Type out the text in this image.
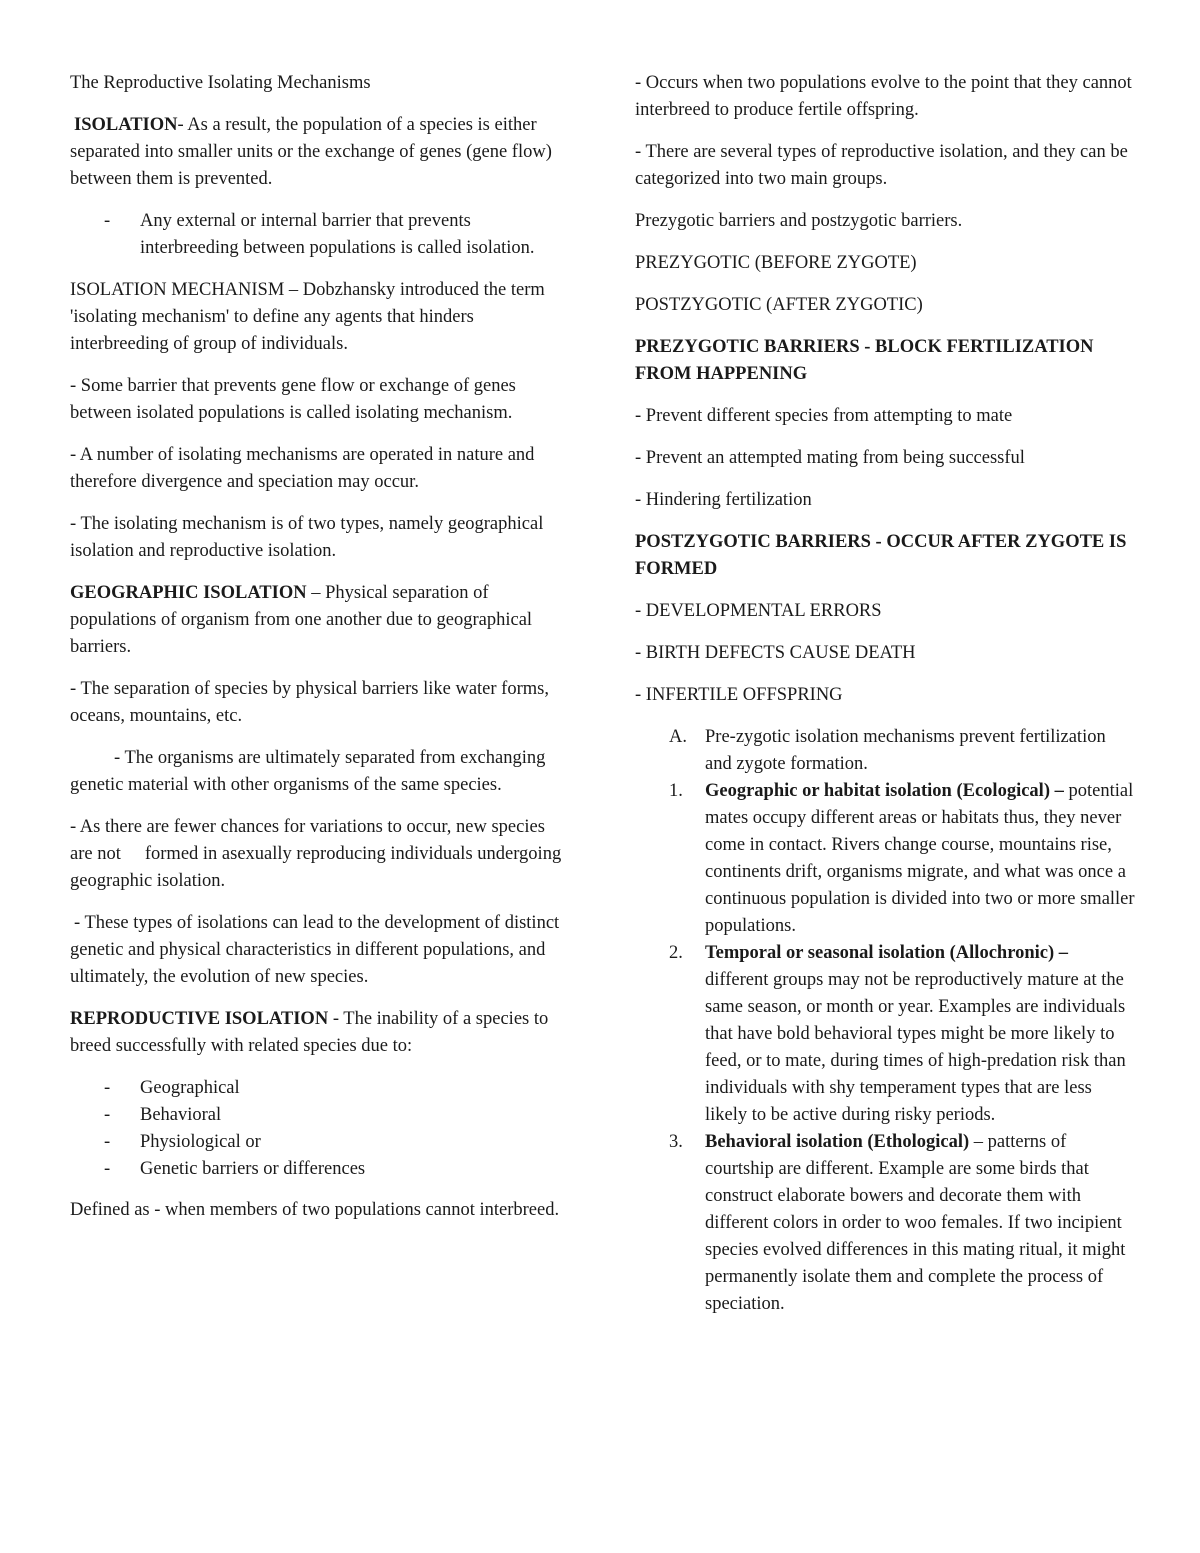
The Reproductive Isolating Mechanisms

ISOLATION- As a result, the population of a species is either separated into smaller units or the exchange of genes (gene flow) between them is prevented.

- Any external or internal barrier that prevents interbreeding between populations is called isolation.

ISOLATION MECHANISM – Dobzhansky introduced the term 'isolating mechanism' to define any agents that hinders interbreeding of group of individuals.

- Some barrier that prevents gene flow or exchange of genes between isolated populations is called isolating mechanism.

- A number of isolating mechanisms are operated in nature and therefore divergence and speciation may occur.

- The isolating mechanism is of two types, namely geographical isolation and reproductive isolation.

GEOGRAPHIC ISOLATION – Physical separation of populations of organism from one another due to geographical barriers.

- The separation of species by physical barriers like water forms, oceans, mountains, etc.

- The organisms are ultimately separated from exchanging genetic material with other organisms of the same species.

- As there are fewer chances for variations to occur, new species are not formed in asexually reproducing individuals undergoing geographic isolation.

- These types of isolations can lead to the development of distinct genetic and physical characteristics in different populations, and ultimately, the evolution of new species.

REPRODUCTIVE ISOLATION - The inability of a species to breed successfully with related species due to:

- Geographical
- Behavioral
- Physiological or
- Genetic barriers or differences

Defined as - when members of two populations cannot interbreed.

- Occurs when two populations evolve to the point that they cannot interbreed to produce fertile offspring.

- There are several types of reproductive isolation, and they can be categorized into two main groups.

Prezygotic barriers and postzygotic barriers.

PREZYGOTIC (BEFORE ZYGOTE)

POSTZYGOTIC (AFTER ZYGOTIC)

PREZYGOTIC BARRIERS - BLOCK FERTILIZATION FROM HAPPENING

- Prevent different species from attempting to mate

- Prevent an attempted mating from being successful

- Hindering fertilization

POSTZYGOTIC BARRIERS - OCCUR AFTER ZYGOTE IS FORMED

- DEVELOPMENTAL ERRORS

- BIRTH DEFECTS CAUSE DEATH

- INFERTILE OFFSPRING

A. Pre-zygotic isolation mechanisms prevent fertilization and zygote formation.
1. Geographic or habitat isolation (Ecological) – potential mates occupy different areas or habitats thus, they never come in contact. Rivers change course, mountains rise, continents drift, organisms migrate, and what was once a continuous population is divided into two or more smaller populations.
2. Temporal or seasonal isolation (Allochronic) – different groups may not be reproductively mature at the same season, or month or year. Examples are individuals that have bold behavioral types might be more likely to feed, or to mate, during times of high-predation risk than individuals with shy temperament types that are less likely to be active during risky periods.
3. Behavioral isolation (Ethological) – patterns of courtship are different. Example are some birds that construct elaborate bowers and decorate them with different colors in order to woo females. If two incipient species evolved differences in this mating ritual, it might permanently isolate them and complete the process of speciation.
